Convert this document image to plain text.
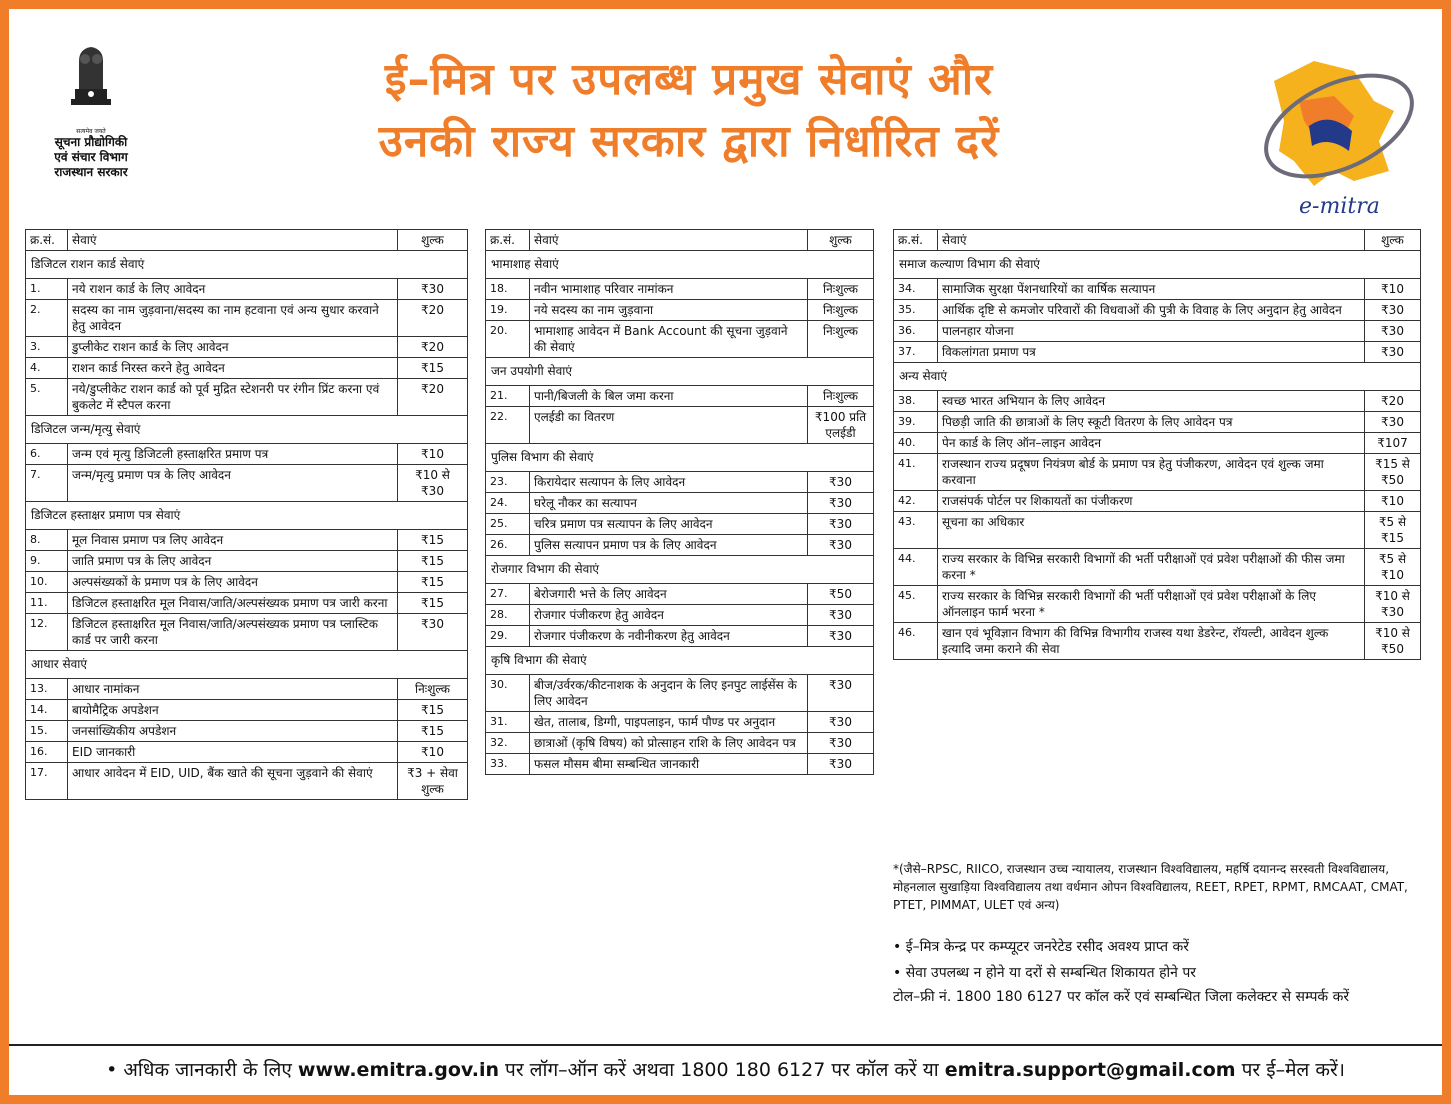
सत्यमेव जयते
सूचना प्रौद्योगिकी
एवं संचार विभाग
राजस्थान सरकार
ई–मित्र पर उपलब्ध प्रमुख सेवाएं और
उनकी राज्य सरकार द्वारा निर्धारित दरें
e-mitra
क्र.सं.	सेवाएं	शुल्क
डिजिटल राशन कार्ड सेवाएं		
1.	नये राशन कार्ड के लिए आवेदन	₹30
2.	सदस्य का नाम जुड़वाना/सदस्य का नाम हटवाना एवं अन्य सुधार करवाने हेतु आवेदन	₹20
3.	डुप्लीकेट राशन कार्ड के लिए आवेदन	₹20
4.	राशन कार्ड निरस्त करने हेतु आवेदन	₹15
5.	नये/डुप्लीकेट राशन कार्ड को पूर्व मुद्रित स्टेशनरी पर रंगीन प्रिंट करना एवं बुकलेट में स्टैपल करना	₹20
डिजिटल जन्म/मृत्यु सेवाएं		
6.	जन्म एवं मृत्यु डिजिटली हस्ताक्षरित प्रमाण पत्र	₹10
7.	जन्म/मृत्यु प्रमाण पत्र के लिए आवेदन	₹10 से ₹30
डिजिटल हस्ताक्षर प्रमाण पत्र सेवाएं		
8.	मूल निवास प्रमाण पत्र लिए आवेदन	₹15
9.	जाति प्रमाण पत्र के लिए आवेदन	₹15
10.	अल्पसंख्यकों के प्रमाण पत्र के लिए आवेदन	₹15
11.	डिजिटल हस्ताक्षरित मूल निवास/जाति/अल्पसंख्यक प्रमाण पत्र जारी करना	₹15
12.	डिजिटल हस्ताक्षरित मूल निवास/जाति/अल्पसंख्यक प्रमाण पत्र प्लास्टिक कार्ड पर जारी करना	₹30
आधार सेवाएं		
13.	आधार नामांकन	निःशुल्क
14.	बायोमैट्रिक अपडेशन	₹15
15.	जनसांख्यिकीय अपडेशन	₹15
16.	EID जानकारी	₹10
17.	आधार आवेदन में EID, UID, बैंक खाते की सूचना जुड़वाने की सेवाएं	₹3 + सेवा शुल्क
क्र.सं.	सेवाएं	शुल्क
भामाशाह सेवाएं		
18.	नवीन भामाशाह परिवार नामांकन	निःशुल्क
19.	नये सदस्य का नाम जुड़वाना	निःशुल्क
20.	भामाशाह आवेदन में Bank Account की सूचना जुड़वाने की सेवाएं	निःशुल्क
जन उपयोगी सेवाएं		
21.	पानी/बिजली के बिल जमा करना	निःशुल्क
22.	एलईडी का वितरण	₹100 प्रति एलईडी
पुलिस विभाग की सेवाएं		
23.	किरायेदार सत्यापन के लिए आवेदन	₹30
24.	घरेलू नौकर का सत्यापन	₹30
25.	चरित्र प्रमाण पत्र सत्यापन के लिए आवेदन	₹30
26.	पुलिस सत्यापन प्रमाण पत्र के लिए आवेदन	₹30
रोजगार विभाग की सेवाएं		
27.	बेरोजगारी भत्ते के लिए आवेदन	₹50
28.	रोजगार पंजीकरण हेतु आवेदन	₹30
29.	रोजगार पंजीकरण के नवीनीकरण हेतु आवेदन	₹30
कृषि विभाग की सेवाएं		
30.	बीज/उर्वरक/कीटनाशक के अनुदान के लिए इनपुट लाईसेंस के लिए आवेदन	₹30
31.	खेत, तालाब, डिग्गी, पाइपलाइन, फार्म पौण्ड पर अनुदान	₹30
32.	छात्राओं (कृषि विषय) को प्रोत्साहन राशि के लिए आवेदन पत्र	₹30
33.	फसल मौसम बीमा सम्बन्धित जानकारी	₹30
क्र.सं.	सेवाएं	शुल्क
समाज कल्याण विभाग की सेवाएं		
34.	सामाजिक सुरक्षा पेंशनधारियों का वार्षिक सत्यापन	₹10
35.	आर्थिक दृष्टि से कमजोर परिवारों की विधवाओं की पुत्री के विवाह के लिए अनुदान हेतु आवेदन	₹30
36.	पालनहार योजना	₹30
37.	विकलांगता प्रमाण पत्र	₹30
अन्य सेवाएं		
38.	स्वच्छ भारत अभियान के लिए आवेदन	₹20
39.	पिछड़ी जाति की छात्राओं के लिए स्कूटी वितरण के लिए आवेदन पत्र	₹30
40.	पेन कार्ड के लिए ऑन–लाइन आवेदन	₹107
41.	राजस्थान राज्य प्रदूषण नियंत्रण बोर्ड के प्रमाण पत्र हेतु पंजीकरण, आवेदन एवं शुल्क जमा करवाना	₹15 से ₹50
42.	राजसंपर्क पोर्टल पर शिकायतों का पंजीकरण	₹10
43.	सूचना का अधिकार	₹5 से ₹15
44.	राज्य सरकार के विभिन्न सरकारी विभागों की भर्ती परीक्षाओं एवं प्रवेश परीक्षाओं की फीस जमा करना *	₹5 से ₹10
45.	राज्य सरकार के विभिन्न सरकारी विभागों की भर्ती परीक्षाओं एवं प्रवेश परीक्षाओं के लिए ऑनलाइन फार्म भरना *	₹10 से ₹30
46.	खान एवं भूविज्ञान विभाग की विभिन्न विभागीय राजस्व यथा डेडरेन्ट, रॉयल्टी, आवेदन शुल्क इत्यादि जमा कराने की सेवा	₹10 से ₹50
*(जैसे–RPSC, RIICO, राजस्थान उच्च न्यायालय, राजस्थान विश्वविद्यालय, महर्षि दयानन्द सरस्वती विश्वविद्यालय, मोहनलाल सुखाड़िया विश्वविद्यालय तथा वर्धमान ओपन विश्वविद्यालय, REET, RPET, RPMT, RMCAAT, CMAT, PTET, PIMMAT, ULET एवं अन्य)
• ई–मित्र केन्द्र पर कम्प्यूटर जनरेटेड रसीद अवश्य प्राप्त करें
• सेवा उपलब्ध न होने या दरों से सम्बन्धित शिकायत होने पर
टोल–फ्री नं. 1800 180 6127 पर कॉल करें एवं सम्बन्धित जिला कलेक्टर से सम्पर्क करें
• अधिक जानकारी के लिए www.emitra.gov.in पर लॉग–ऑन करें अथवा 1800 180 6127 पर कॉल करें या emitra.support@gmail.com पर ई–मेल करें।
